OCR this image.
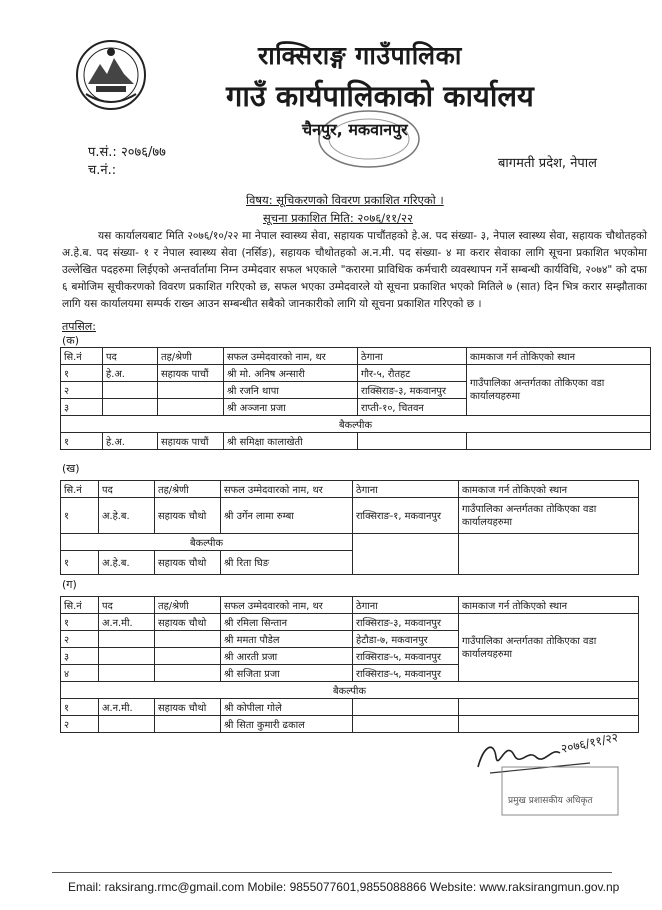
राक्सिराङ्ग गाउँपालिका
गाउँ कार्यपालिकाको कार्यालय
चैनपुर, मकवानपुर
प.सं.: २०७६/७७
च.नं.:	बागमती प्रदेश, नेपाल
विषय: सूचिकरणको विवरण प्रकाशित गरिएको ।
सूचना प्रकाशित मिति: २०७६/११/२२
यस कार्यालयबाट मिति २०७६/१०/२२ मा नेपाल स्वास्थ्य सेवा, सहायक पाचौंतहको हे.अ. पद संख्या- ३, नेपाल स्वास्थ्य सेवा, सहायक चौथोतहको अ.हे.ब. पद संख्या- १ र नेपाल स्वास्थ्य सेवा (नर्सिङ), सहायक चौथोतहको अ.न.मी. पद संख्या- ४ मा करार सेवाका लागि सूचना प्रकाशित भएकोमा उल्लेखित पदहरुमा लिईएको अन्तर्वार्तामा निम्न उम्मेदवार सफल भएकाले "करारमा प्राविधिक कर्मचारी व्यवस्थापन गर्ने सम्बन्धी कार्यविधि, २०७४" को दफा ६ बमोजिम सूचीकरणको विवरण प्रकाशित गरिएको छ, सफल भएका उम्मेदवारले यो सूचना प्रकाशित भएको मितिले ७ (सात) दिन भित्र करार सम्झौताका लागि यस कार्यालयमा सम्पर्क राख्न आउन सम्बन्धीत सबैको जानकारीको लागि यो सूचना प्रकाशित गरिएको छ ।
तपसिल:
(क)
सि.नं	पद	तह/श्रेणी	सफल उम्मेदवारको नाम, थर	ठेगाना	कामकाज गर्न तोकिएको स्थान
१	हे.अ.	सहायक पाचौं	श्री मो. अनिष अन्सारी	गौर-५, रौतहट	गाउँपालिका अन्तर्गतका तोकिएका वडा कार्यालयहरुमा
२			श्री रजनि थापा	राक्सिराङ-३, मकवानपुर	
३			श्री अञ्जना प्रजा	राप्ती-१०, चितवन	
बैकल्पीक					
१	हे.अ.	सहायक पाचौं	श्री समिक्षा कालाखेती		
(ख)
सि.नं	पद	तह/श्रेणी	सफल उम्मेदवारको नाम, थर	ठेगाना	कामकाज गर्न तोकिएको स्थान
१	अ.हे.ब.	सहायक चौथो	श्री उर्गेन लामा रुम्बा	राक्सिराङ-१, मकवानपुर	गाउँपालिका अन्तर्गतका तोकिएका वडा कार्यालयहरुमा
बैकल्पीक					
१	अ.हे.ब.	सहायक चौथो	श्री रिता घिङ		
(ग)
सि.नं	पद	तह/श्रेणी	सफल उम्मेदवारको नाम, थर	ठेगाना	कामकाज गर्न तोकिएको स्थान
१	अ.न.मी.	सहायक चौथो	श्री रमिला सिन्तान	राक्सिराङ-३, मकवानपुर	गाउँपालिका अन्तर्गतका तोकिएका वडा कार्यालयहरुमा
२			श्री ममता पौडेल	हेटौडा-७, मकवानपुर	
३			श्री आरती प्रजा	राक्सिराङ-५, मकवानपुर	
४			श्री सजिता प्रजा	राक्सिराङ-५, मकवानपुर	
बैकल्पीक					
१	अ.न.मी.	सहायक चौथो	श्री कोपीला गोले		
२			श्री सिता कुमारी ढकाल		
२०७६/११/२२
प्रमुख प्रशासकीय अधिकृत
Email: raksirang.rmc@gmail.com Mobile: 9855077601,9855088866 Website: www.raksirangmun.gov.np
